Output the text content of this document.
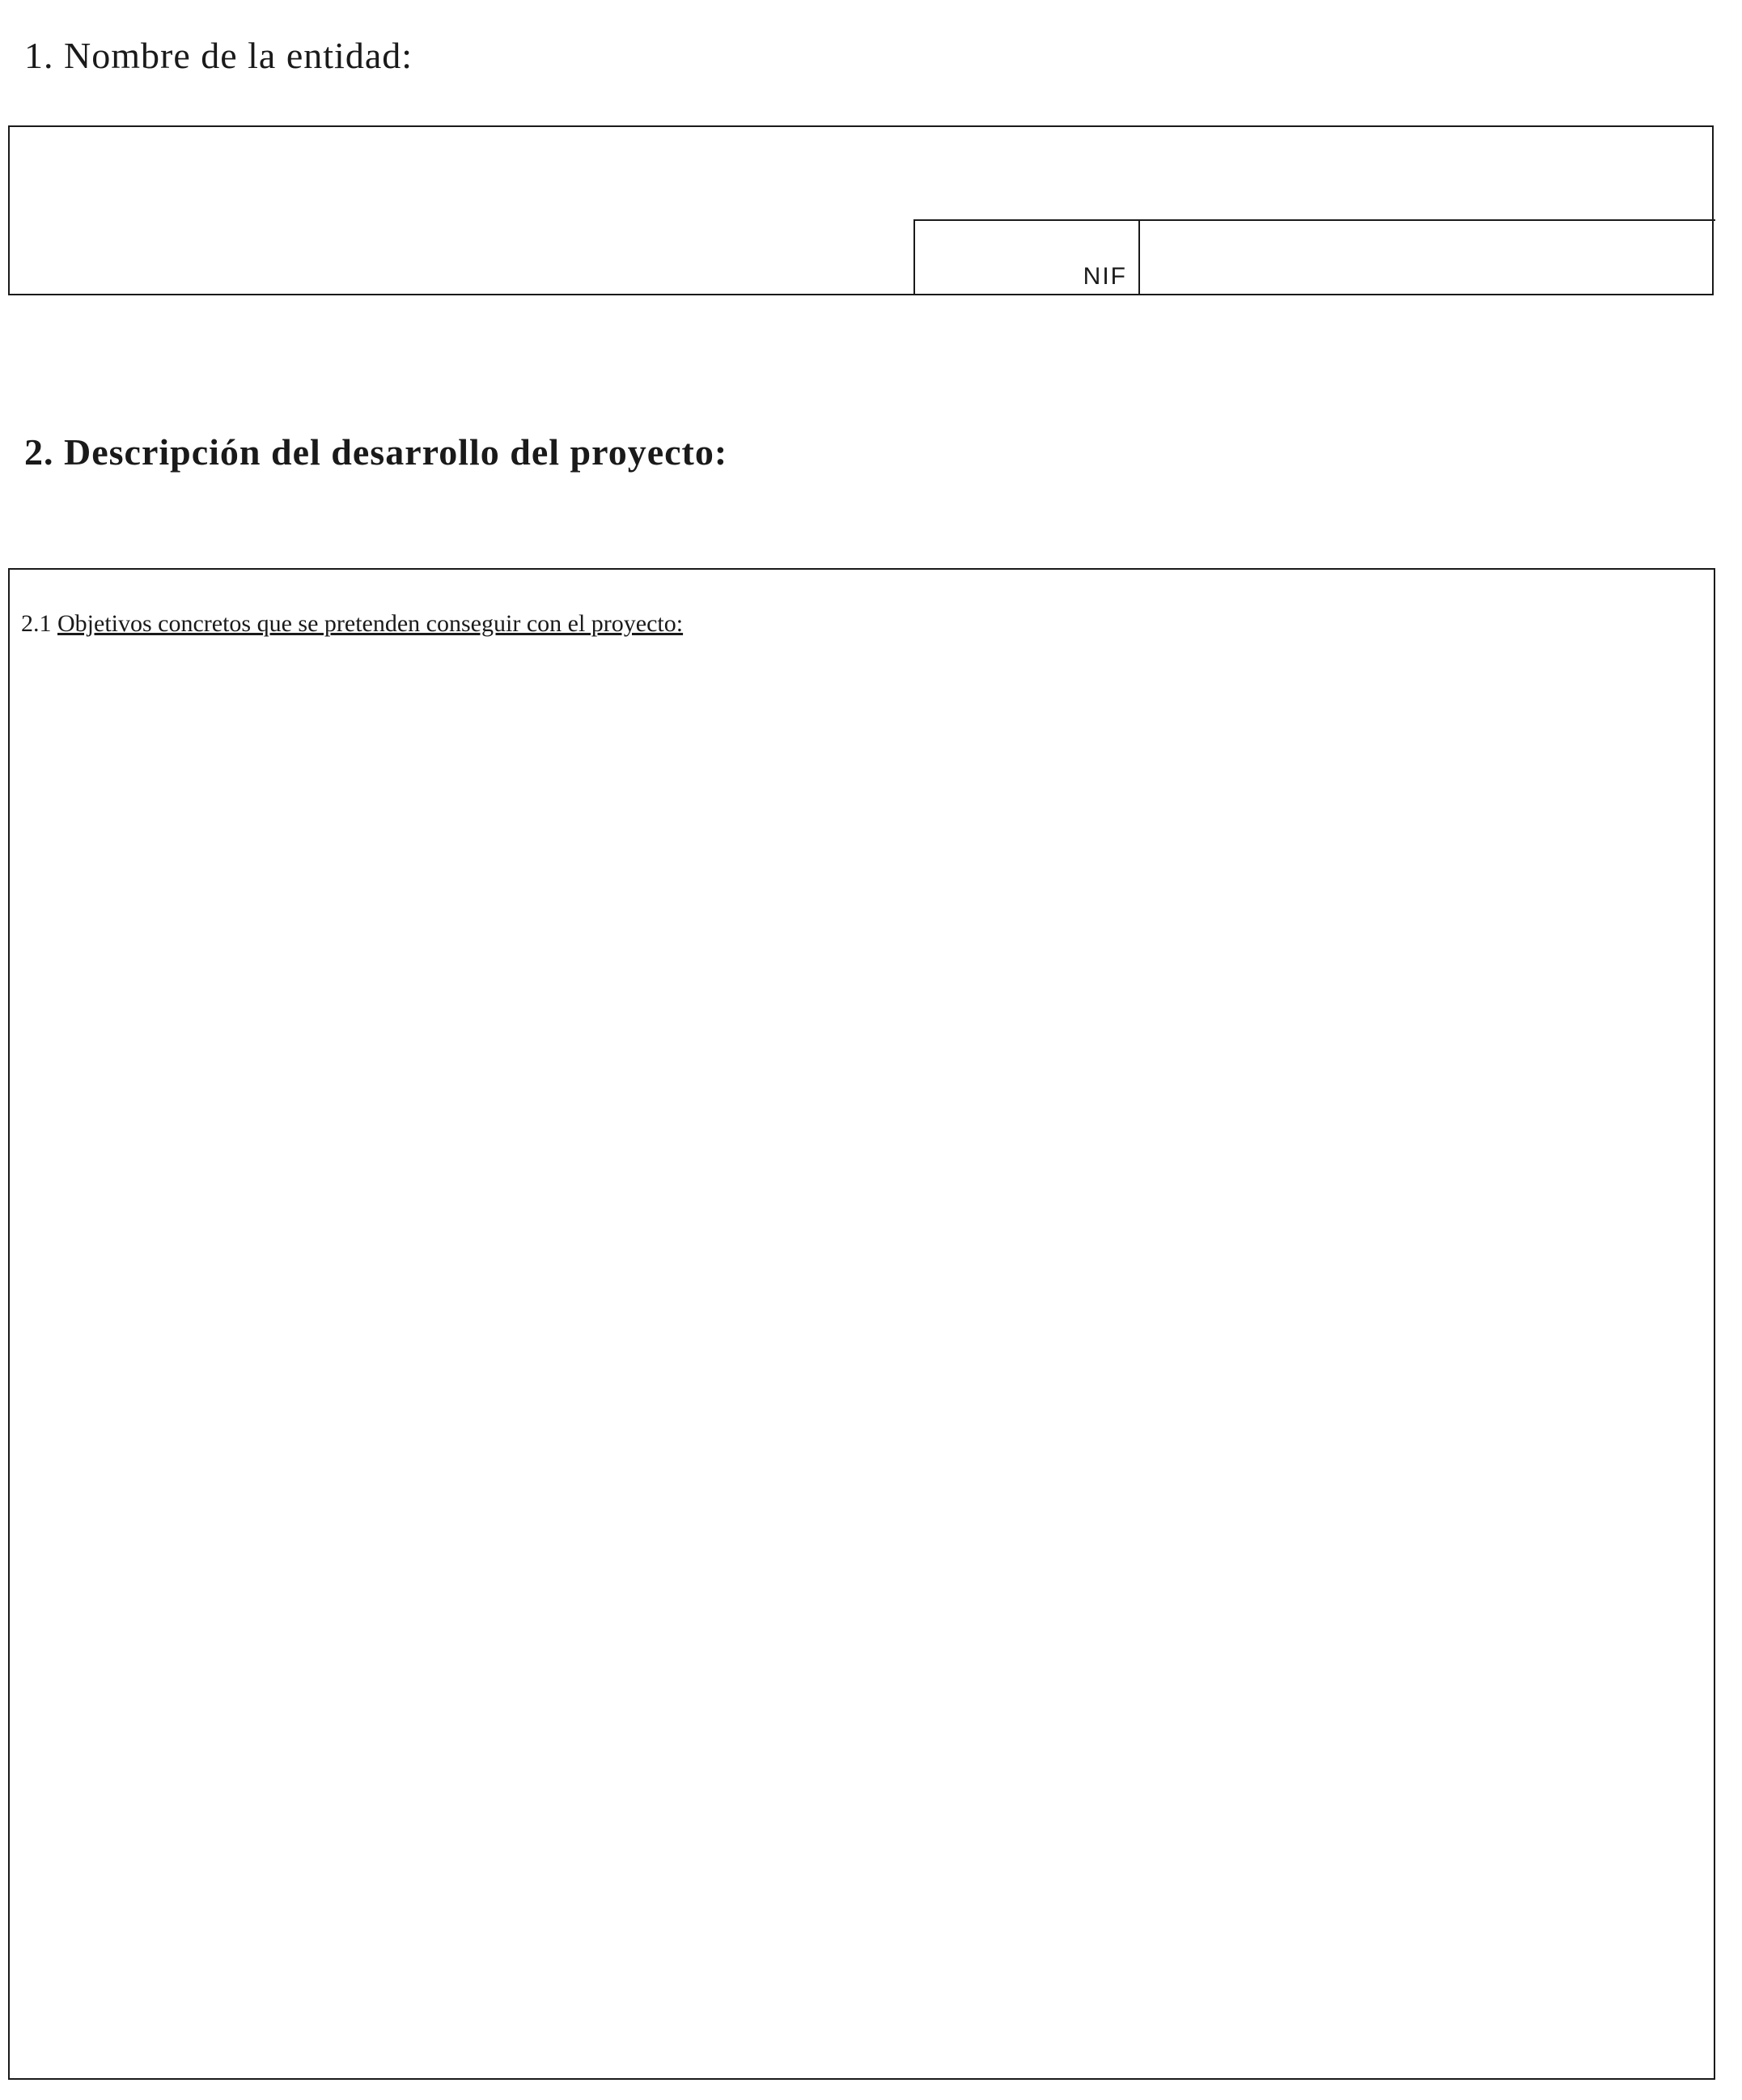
1. Nombre de la entidad:
NIF
2. Descripción del desarrollo del proyecto:
2.1 Objetivos concretos que se pretenden conseguir con el proyecto:
